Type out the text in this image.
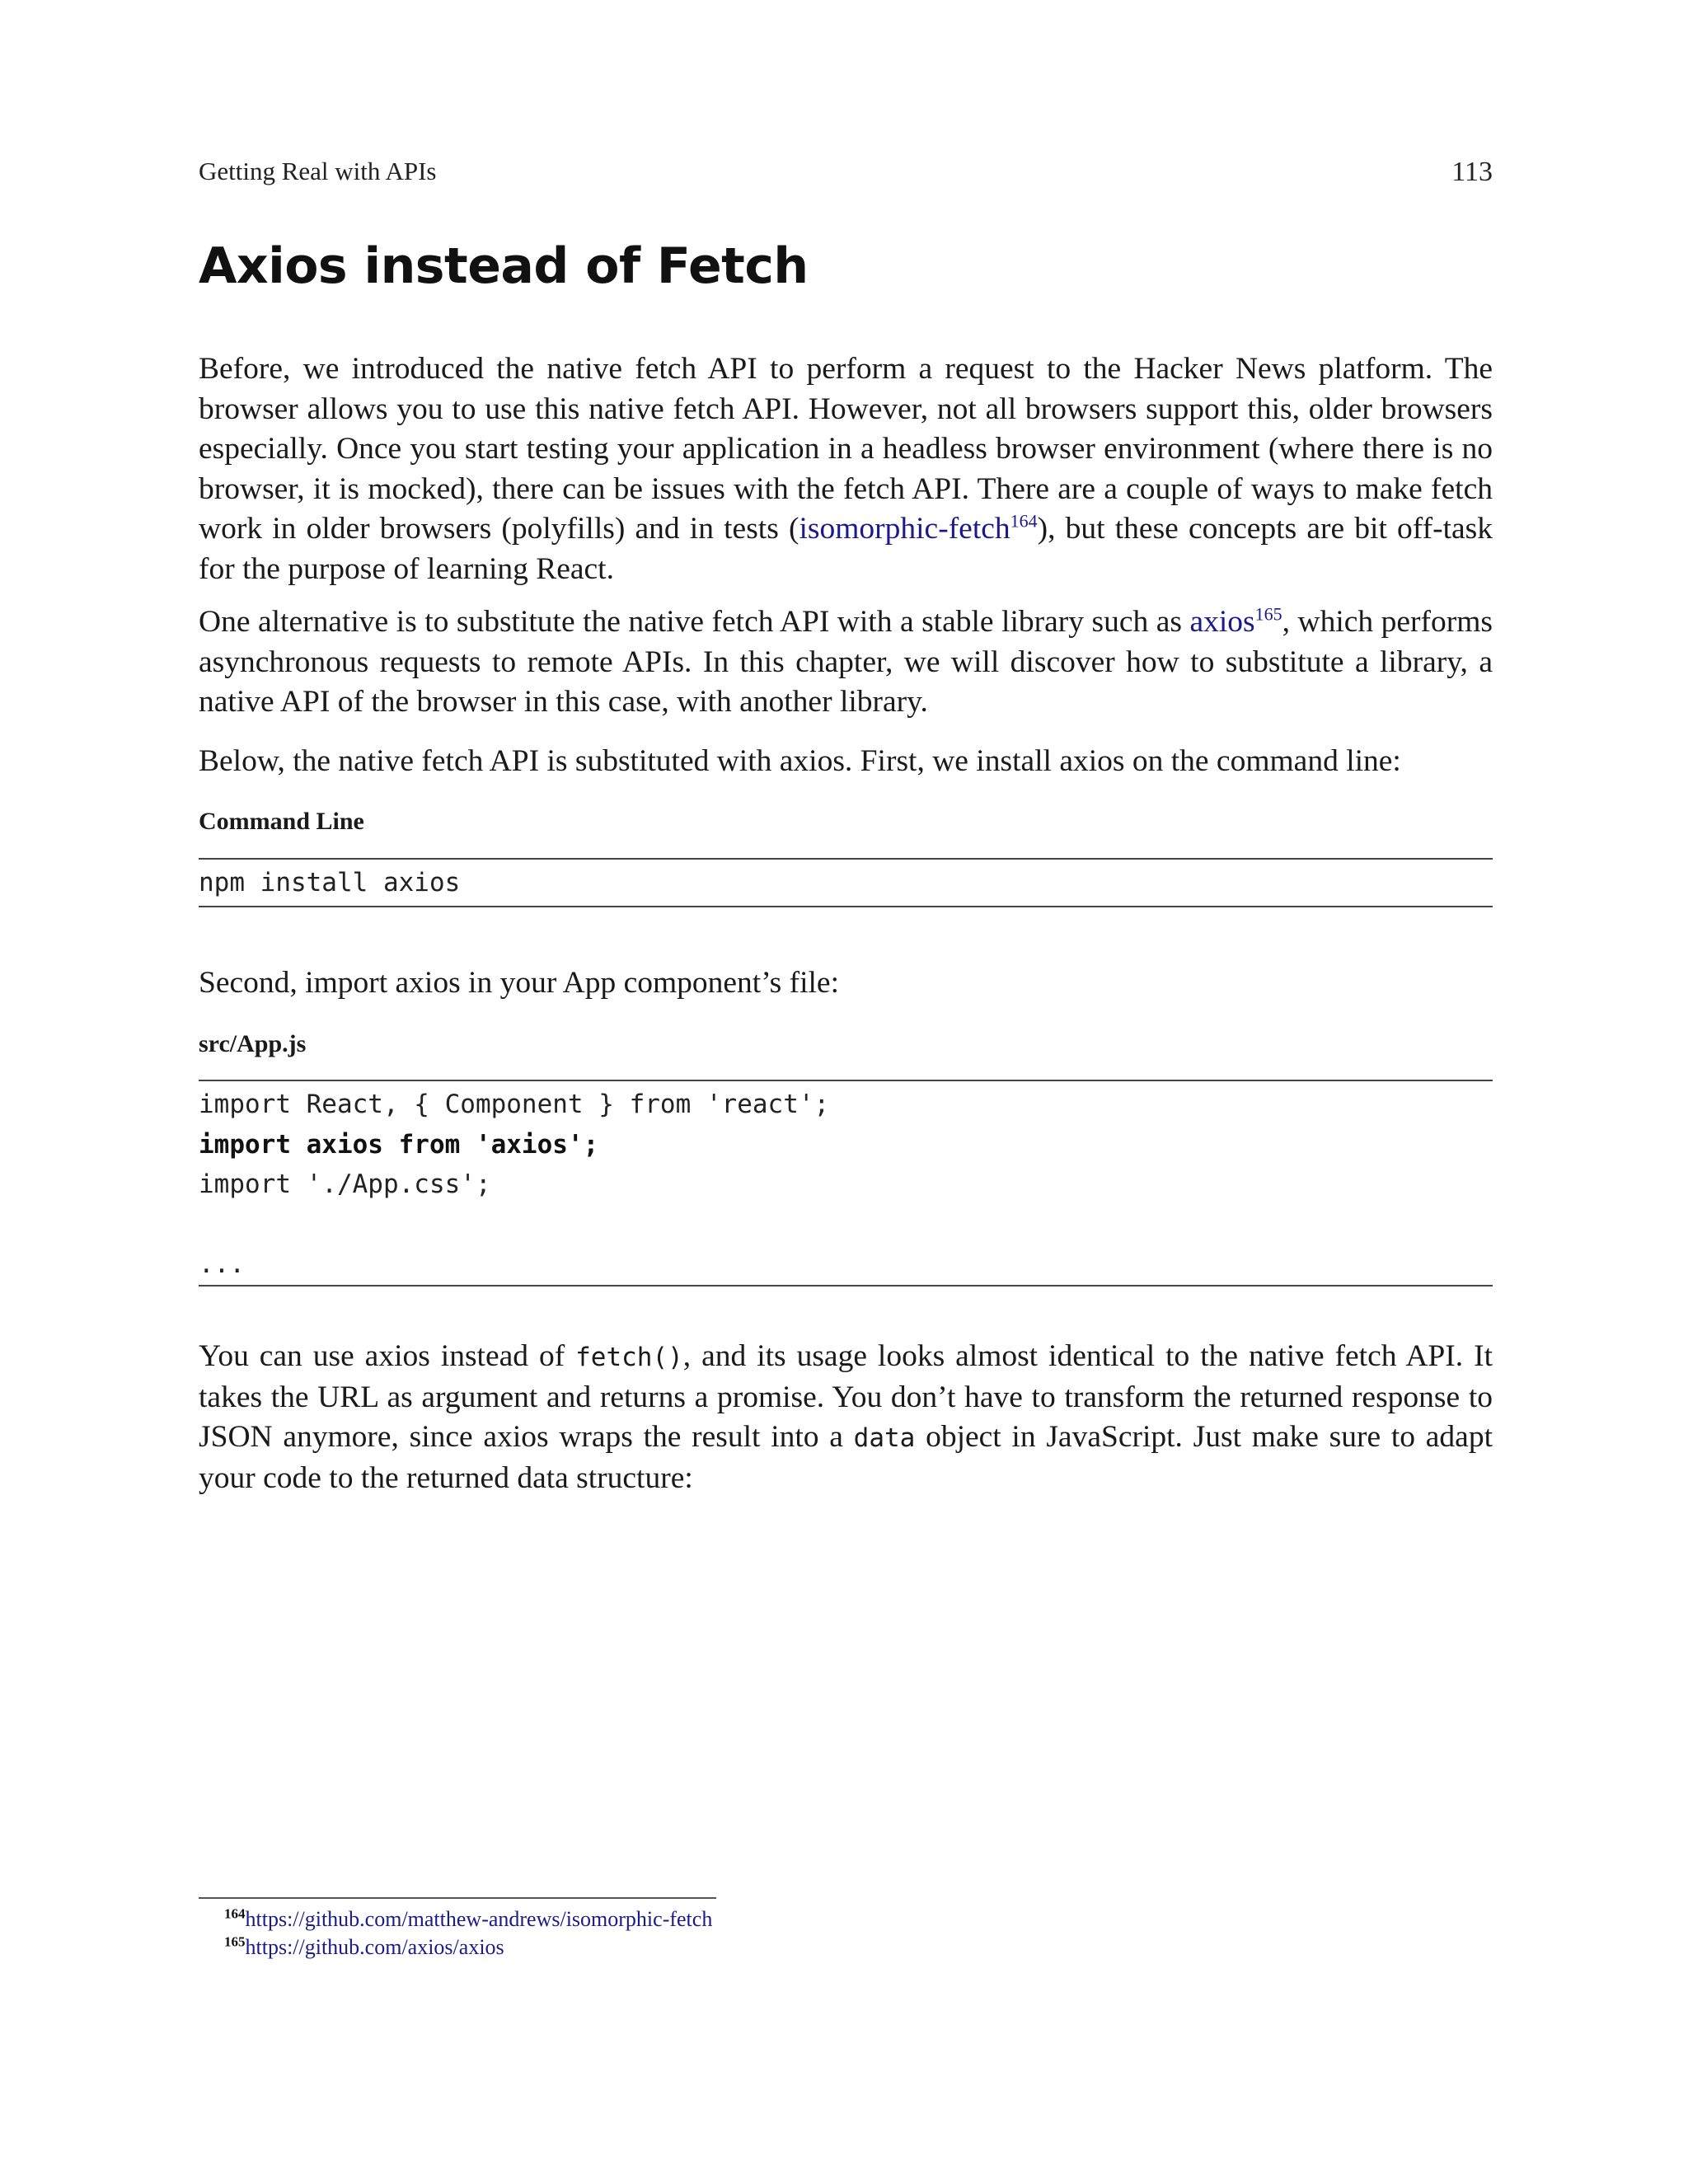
Getting Real with APIs	113
Axios instead of Fetch

Before, we introduced the native fetch API to perform a request to the Hacker News platform. The browser allows you to use this native fetch API. However, not all browsers support this, older browsers especially. Once you start testing your application in a headless browser environment (where there is no browser, it is mocked), there can be issues with the fetch API. There are a couple of ways to make fetch work in older browsers (polyfills) and in tests (isomorphic-fetch$^{164}$), but these concepts are bit off-task for the purpose of learning React.

One alternative is to substitute the native fetch API with a stable library such as axios$^{165}$, which performs asynchronous requests to remote APIs. In this chapter, we will discover how to substitute a library, a native API of the browser in this case, with another library.

Below, the native fetch API is substituted with axios. First, we install axios on the command line:

Command Line
npm install axios

Second, import axios in your App component’s file:

src/App.js
import React, { Component } from 'react';
import axios from 'axios';
import './App.css';
...

You can use axios instead of fetch(), and its usage looks almost identical to the native fetch API. It takes the URL as argument and returns a promise. You don’t have to transform the returned response to JSON anymore, since axios wraps the result into a data object in JavaScript. Just make sure to adapt your code to the returned data structure:

$^{164}$https://github.com/matthew-andrews/isomorphic-fetch
$^{165}$https://github.com/axios/axios
